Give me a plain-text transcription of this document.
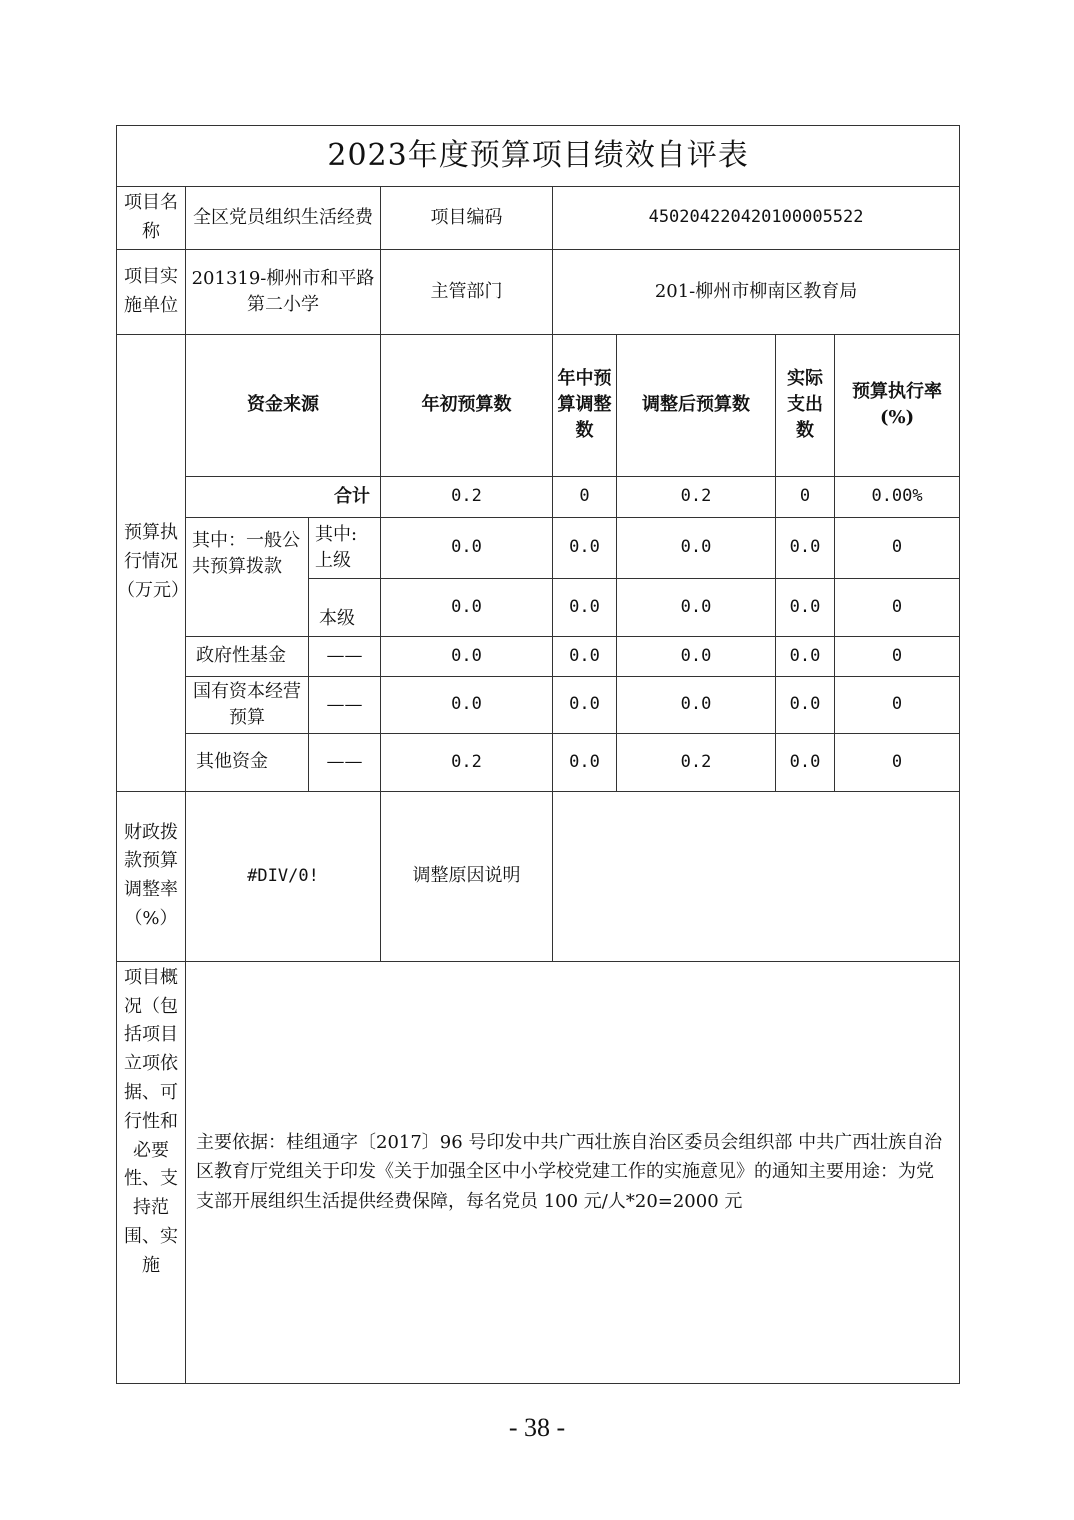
2023年度预算项目绩效自评表							
项目名称	全区党员组织生活经费		项目编码	450204220420100005522			
项目实施单位	201319-柳州市和平路第二小学		主管部门	201-柳州市柳南区教育局			
预算执行情况（万元）	资金来源		年初预算数	年中预算调整数	调整后预算数	实际支出数	预算执行率(%)
	合计		0.2	0	0.2	0	0.00%
	其中：一般公共预算拨款	其中:上级	0.0	0.0	0.0	0.0	0
		本级	0.0	0.0	0.0	0.0	0
	政府性基金	——	0.0	0.0	0.0	0.0	0
	国有资本经营预算	——	0.0	0.0	0.0	0.0	0
	其他资金	——	0.2	0.0	0.2	0.0	0
财政拨款预算调整率（%）	#DIV/0!		调整原因说明				
项目概况（包括项目立项依据、可行性和必要性、支持范围、实施	主要依据：桂组通字〔2017〕96 号印发中共广西壮族自治区委员会组织部 中共广西壮族自治区教育厅党组关于印发《关于加强全区中小学校党建工作的实施意见》的通知主要用途：为党支部开展组织生活提供经费保障，每名党员 100 元/人*20=2000 元						
- 38 -
